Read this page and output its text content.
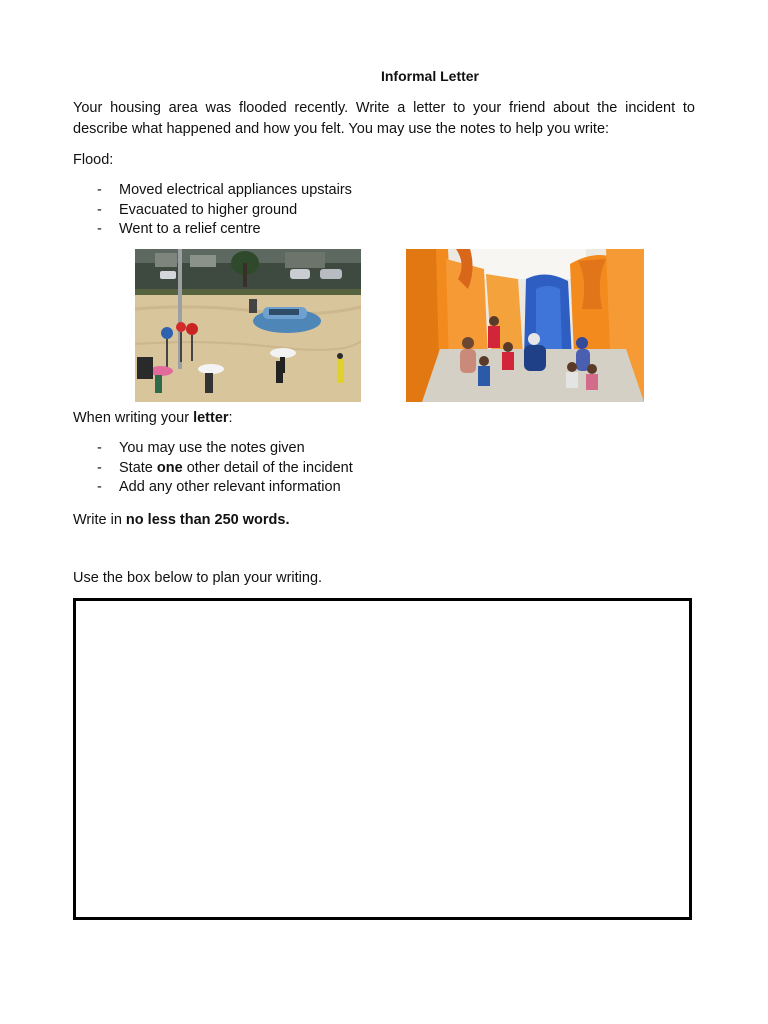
Informal Letter
Your housing area was flooded recently. Write a letter to your friend about the incident to describe what happened and how you felt. You may use the notes to help you write:
Flood:
- Moved electrical appliances upstairs
- Evacuated to higher ground
- Went to a relief centre
When writing your letter:
- You may use the notes given
- State one other detail of the incident
- Add any other relevant information
Write in no less than 250 words.
Use the box below to plan your writing.
